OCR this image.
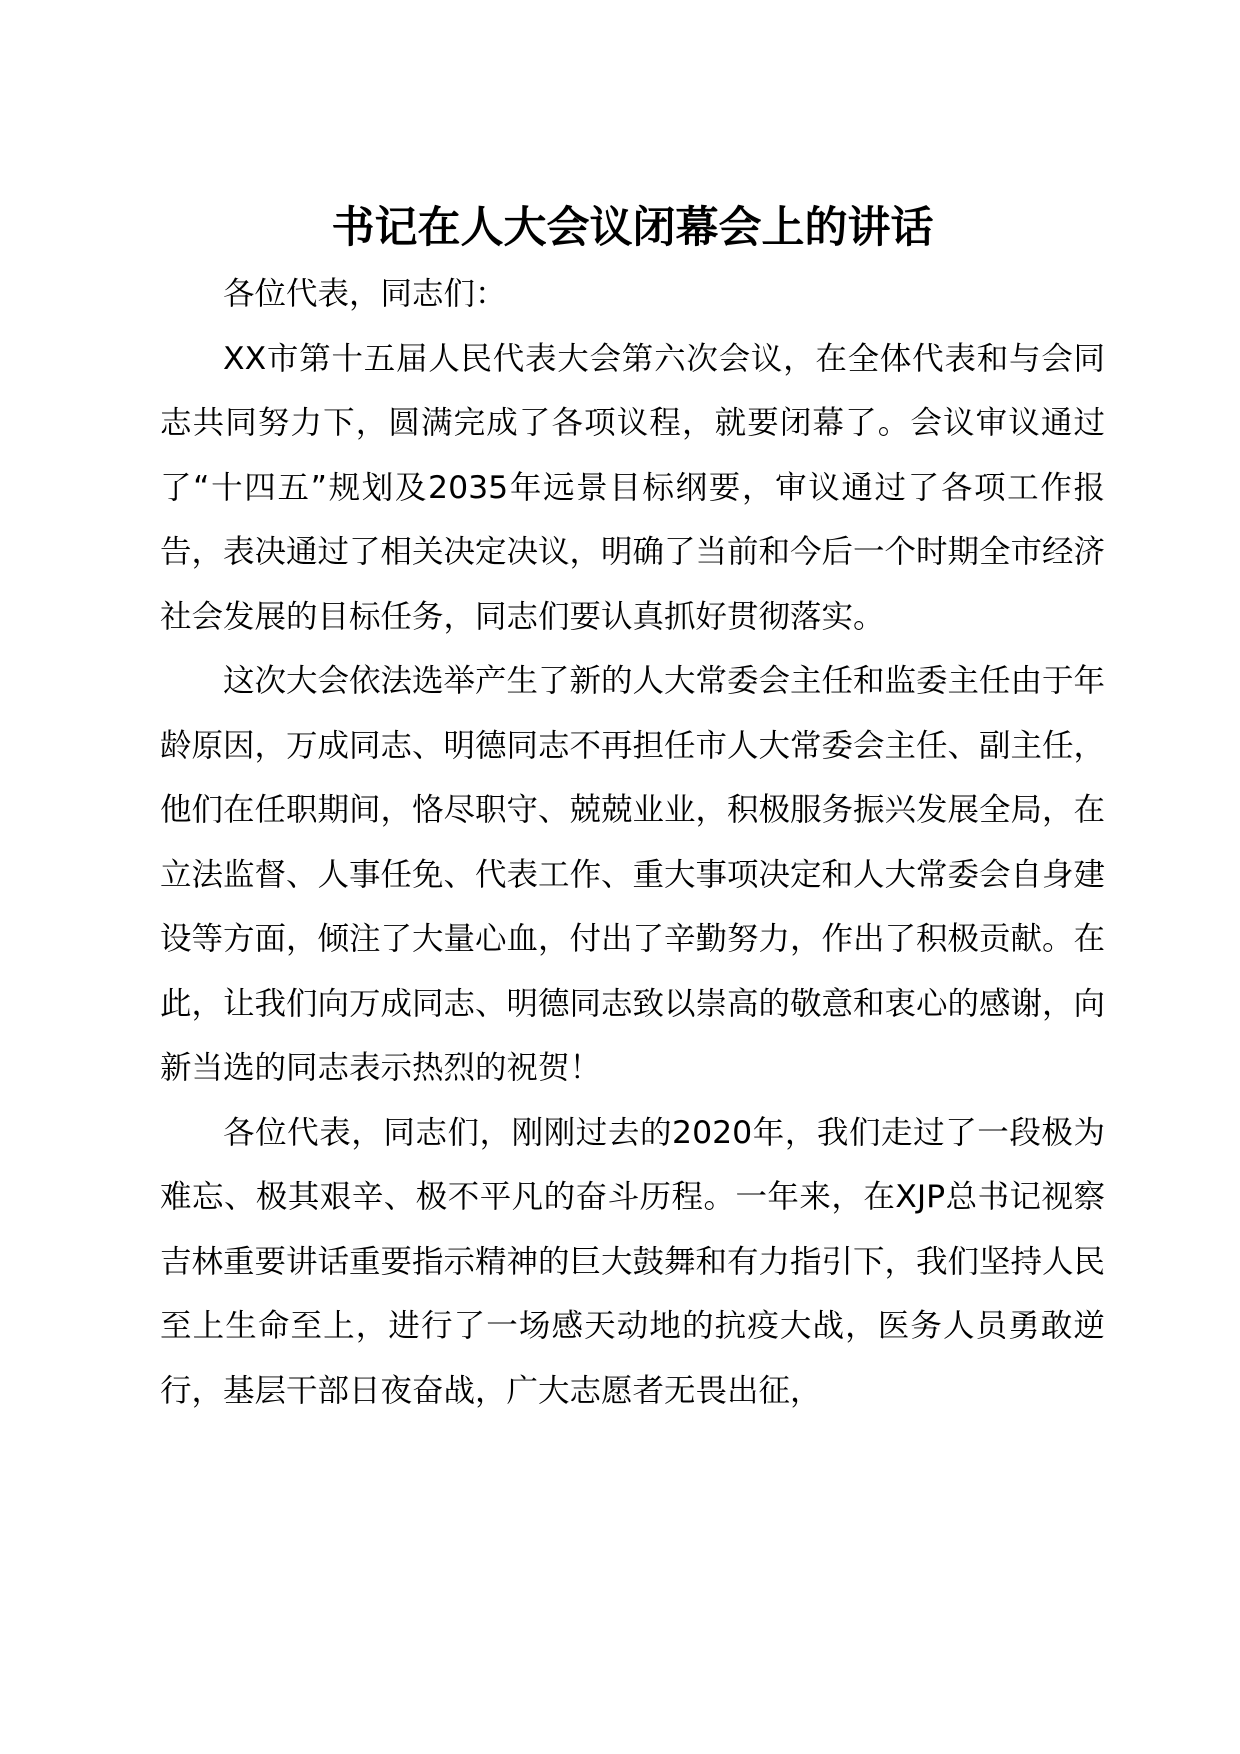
书记在人大会议闭幕会上的讲话

各位代表，同志们：

XX市第十五届人民代表大会第六次会议，在全体代表和与会同志共同努力下，圆满完成了各项议程，就要闭幕了。会议审议通过了“十四五”规划及2035年远景目标纲要，审议通过了各项工作报告，表决通过了相关决定决议，明确了当前和今后一个时期全市经济社会发展的目标任务，同志们要认真抓好贯彻落实。

这次大会依法选举产生了新的人大常委会主任和监委主任由于年龄原因，万成同志、明德同志不再担任市人大常委会主任、副主任，他们在任职期间，恪尽职守、兢兢业业，积极服务振兴发展全局，在立法监督、人事任免、代表工作、重大事项决定和人大常委会自身建设等方面，倾注了大量心血，付出了辛勤努力，作出了积极贡献。在此，让我们向万成同志、明德同志致以崇高的敬意和衷心的感谢，向新当选的同志表示热烈的祝贺！

各位代表，同志们，刚刚过去的2020年，我们走过了一段极为难忘、极其艰辛、极不平凡的奋斗历程。一年来，在XJP总书记视察吉林重要讲话重要指示精神的巨大鼓舞和有力指引下，我们坚持人民至上生命至上，进行了一场感天动地的抗疫大战，医务人员勇敢逆行，基层干部日夜奋战，广大志愿者无畏出征，
